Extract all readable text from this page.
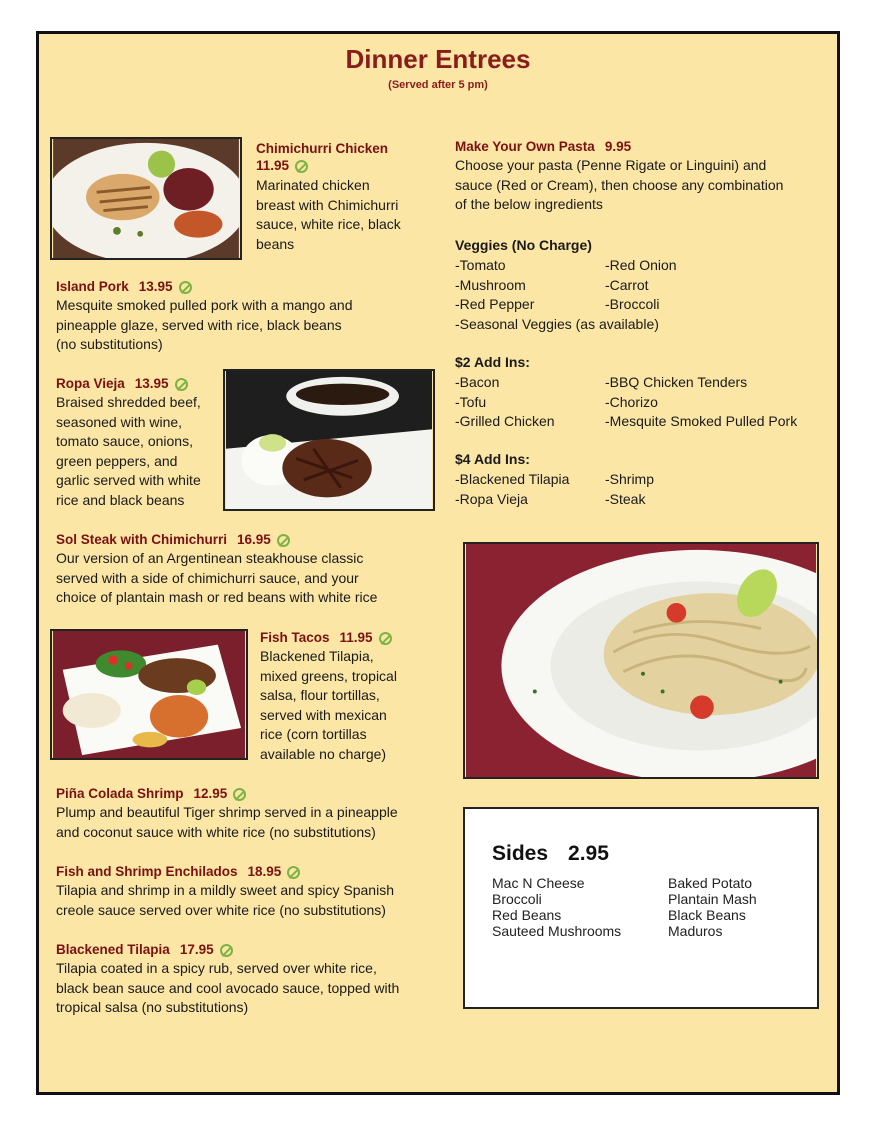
Dinner Entrees
(Served after 5 pm)
Chimichurri Chicken
11.95
Marinated chicken
breast with Chimichurri
sauce, white rice, black
beans
Island Pork 13.95
Mesquite smoked pulled pork with a mango and
pineapple glaze, served with rice, black beans
(no substitutions)
Ropa Vieja 13.95
Braised shredded beef,
seasoned with wine,
tomato sauce, onions,
green peppers, and
garlic served with white
rice and black beans
Sol Steak with Chimichurri 16.95
Our version of an Argentinean steakhouse classic
served with a side of chimichurri sauce, and your
choice of plantain mash or red beans with white rice
Fish Tacos 11.95
Blackened Tilapia,
mixed greens, tropical
salsa, flour tortillas,
served with mexican
rice (corn tortillas
available no charge)
Piña Colada Shrimp 12.95
Plump and beautiful Tiger shrimp served in a pineapple
and coconut sauce with white rice (no substitutions)
Fish and Shrimp Enchilados 18.95
Tilapia and shrimp in a mildly sweet and spicy Spanish
creole sauce served over white rice (no substitutions)
Blackened Tilapia 17.95
Tilapia coated in a spicy rub, served over white rice,
black bean sauce and cool avocado sauce, topped with
tropical salsa (no substitutions)
Make Your Own Pasta 9.95
Choose your pasta (Penne Rigate or Linguini) and
sauce (Red or Cream), then choose any combination
of the below ingredients
Veggies (No Charge)
-Tomato
-Mushroom
-Red Pepper
-Red Onion
-Carrot
-Broccoli
-Seasonal Veggies (as available)
$2 Add Ins:
-Bacon
-Tofu
-Grilled Chicken
-BBQ Chicken Tenders
-Chorizo
-Mesquite Smoked Pulled Pork
$4 Add Ins:
-Blackened Tilapia
-Ropa Vieja
-Shrimp
-Steak
Sides 2.95
Mac N Cheese
Broccoli
Red Beans
Sauteed Mushrooms
Baked Potato
Plantain Mash
Black Beans
Maduros
